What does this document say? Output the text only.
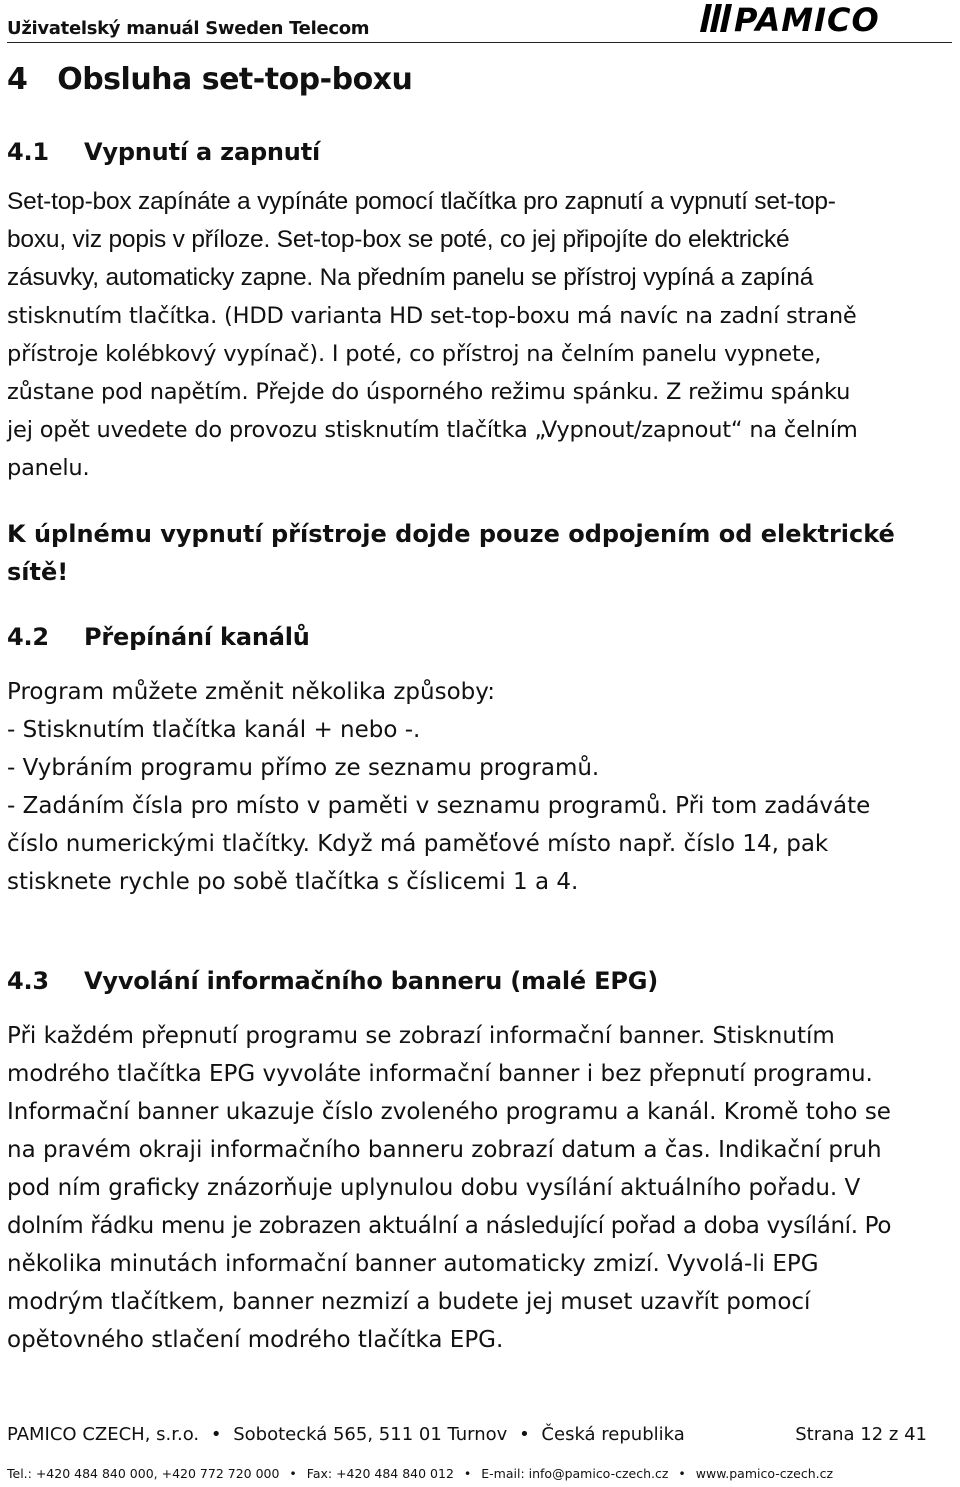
Uživatelský manuál Sweden Telecom	PAMICO
4   Obsluha set-top-boxu
4.1 Vypnutí a zapnutí
Set-top-box zapínáte a vypínáte pomocí tlačítka pro zapnutí a vypnutí set-top-
boxu, viz popis v příloze. Set-top-box se poté, co jej připojíte do elektrické
zásuvky, automaticky zapne. Na předním panelu se přístroj vypíná a zapíná
stisknutím tlačítka. (HDD varianta HD set-top-boxu má navíc na zadní straně
přístroje kolébkový vypínač). I poté, co přístroj na čelním panelu vypnete,
zůstane pod napětím. Přejde do úsporného režimu spánku. Z režimu spánku
jej opět uvedete do provozu stisknutím tlačítka „Vypnout/zapnout“ na čelním
panelu.
K úplnému vypnutí přístroje dojde pouze odpojením od elektrické
sítě!
4.2 Přepínání kanálů
Program můžete změnit několika způsoby:
- Stisknutím tlačítka kanál + nebo -.
- Vybráním programu přímo ze seznamu programů.
- Zadáním čísla pro místo v paměti v seznamu programů. Při tom zadáváte
číslo numerickými tlačítky. Když má paměťové místo např. číslo 14, pak
stisknete rychle po sobě tlačítka s číslicemi 1 a 4.
4.3 Vyvolání informačního banneru (malé EPG)
Při každém přepnutí programu se zobrazí informační banner. Stisknutím
modrého tlačítka EPG vyvoláte informační banner i bez přepnutí programu.
Informační banner ukazuje číslo zvoleného programu a kanál. Kromě toho se
na pravém okraji informačního banneru zobrazí datum a čas. Indikační pruh
pod ním graficky znázorňuje uplynulou dobu vysílání aktuálního pořadu. V
dolním řádku menu je zobrazen aktuální a následující pořad a doba vysílání. Po
několika minutách informační banner automaticky zmizí. Vyvolá-li EPG
modrým tlačítkem, banner nezmizí a budete jej muset uzavřít pomocí
opětovného stlačení modrého tlačítka EPG.
PAMICO CZECH, s.r.o. • Sobotecká 565, 511 01 Turnov • Česká republika	Strana 12 z 41
Tel.: +420 484 840 000, +420 772 720 000 • Fax: +420 484 840 012 • E-mail: info@pamico-czech.cz • www.pamico-czech.cz
